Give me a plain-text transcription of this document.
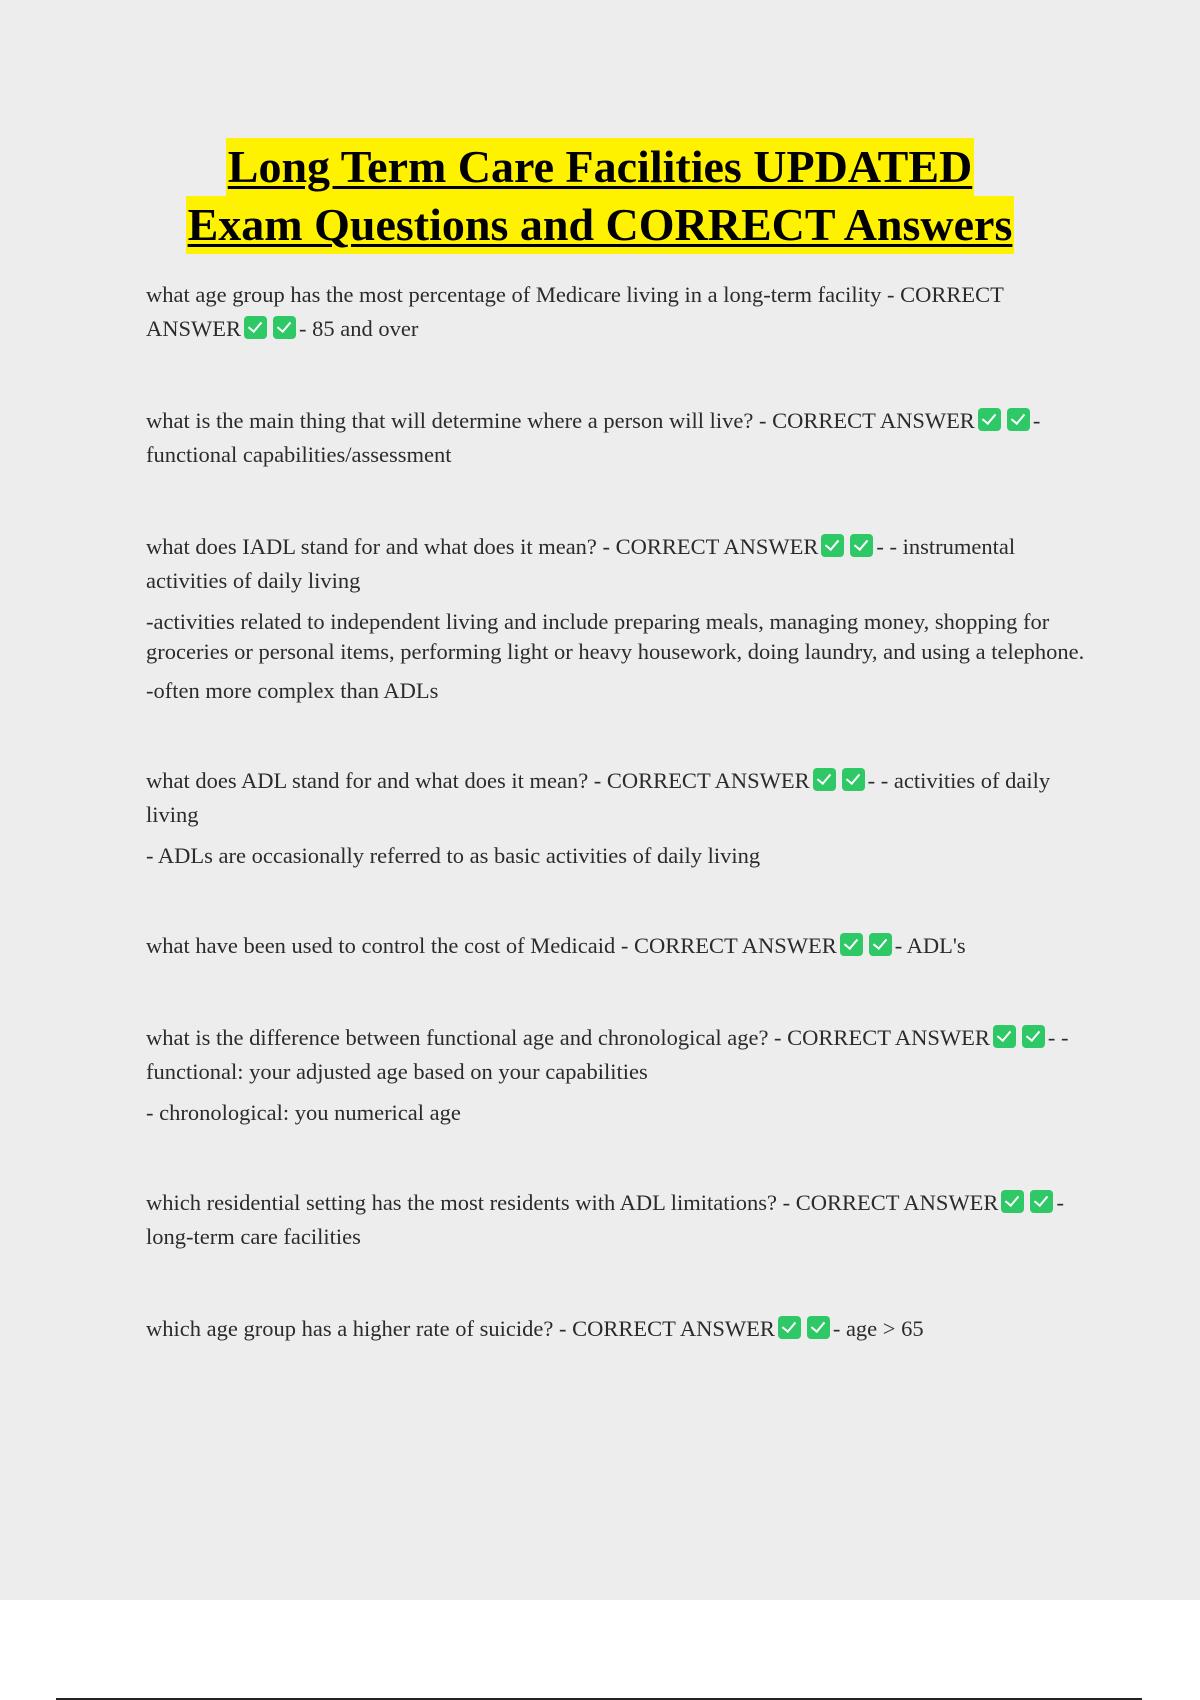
Long Term Care Facilities UPDATED
Exam Questions and CORRECT Answers

what age group has the most percentage of Medicare living in a long-term facility - CORRECT ANSWER	- 85 and over

what is the main thing that will determine where a person will live? - CORRECT ANSWER	- functional capabilities/assessment

what does IADL stand for and what does it mean? - CORRECT ANSWER	- - instrumental activities of daily living

-activities related to independent living and include preparing meals, managing money, shopping for groceries or personal items, performing light or heavy housework, doing laundry, and using a telephone.

-often more complex than ADLs

what does ADL stand for and what does it mean? - CORRECT ANSWER	- - activities of daily living

- ADLs are occasionally referred to as basic activities of daily living

what have been used to control the cost of Medicaid - CORRECT ANSWER	- ADL's

what is the difference between functional age and chronological age? - CORRECT ANSWER	- - functional: your adjusted age based on your capabilities

- chronological: you numerical age

which residential setting has the most residents with ADL limitations? - CORRECT ANSWER	- long-term care facilities

which age group has a higher rate of suicide? - CORRECT ANSWER	- age > 65
